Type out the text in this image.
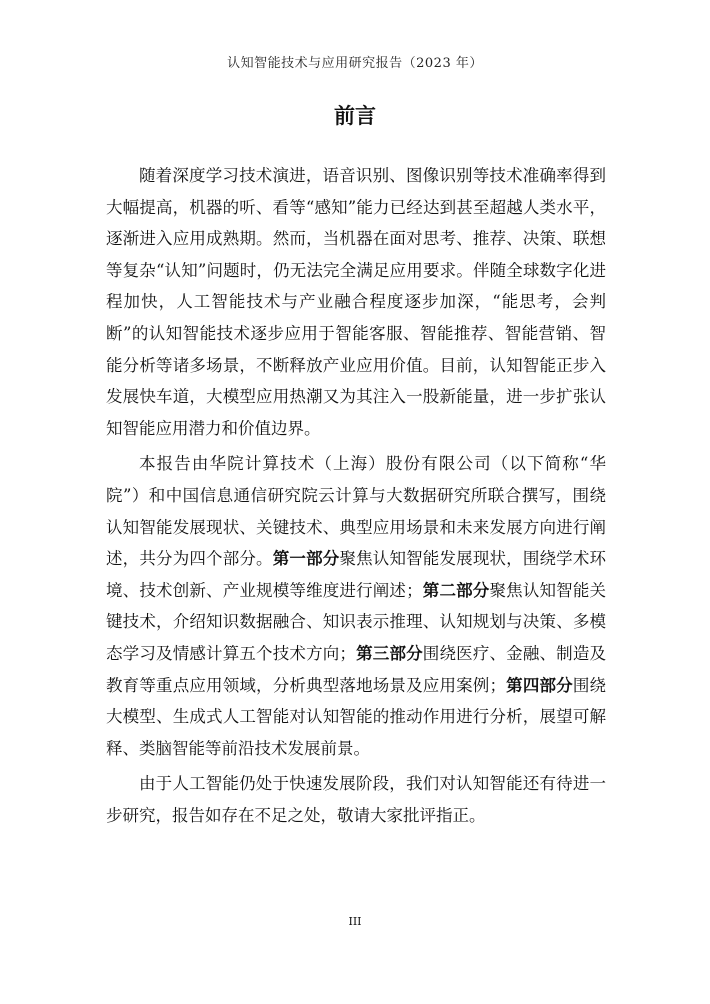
认知智能技术与应用研究报告（2023 年）
前言

随着深度学习技术演进，语音识别、图像识别等技术准确率得到大幅提高，机器的听、看等“感知”能力已经达到甚至超越人类水平，逐渐进入应用成熟期。然而，当机器在面对思考、推荐、决策、联想等复杂“认知”问题时，仍无法完全满足应用要求。伴随全球数字化进程加快，人工智能技术与产业融合程度逐步加深，“能思考，会判断”的认知智能技术逐步应用于智能客服、智能推荐、智能营销、智能分析等诸多场景，不断释放产业应用价值。目前，认知智能正步入发展快车道，大模型应用热潮又为其注入一股新能量，进一步扩张认知智能应用潜力和价值边界。

本报告由华院计算技术（上海）股份有限公司（以下简称“华院”）和中国信息通信研究院云计算与大数据研究所联合撰写，围绕认知智能发展现状、关键技术、典型应用场景和未来发展方向进行阐述，共分为四个部分。第一部分聚焦认知智能发展现状，围绕学术环境、技术创新、产业规模等维度进行阐述；第二部分聚焦认知智能关键技术，介绍知识数据融合、知识表示推理、认知规划与决策、多模态学习及情感计算五个技术方向；第三部分围绕医疗、金融、制造及教育等重点应用领域，分析典型落地场景及应用案例；第四部分围绕大模型、生成式人工智能对认知智能的推动作用进行分析，展望可解释、类脑智能等前沿技术发展前景。

由于人工智能仍处于快速发展阶段，我们对认知智能还有待进一步研究，报告如存在不足之处，敬请大家批评指正。

III
